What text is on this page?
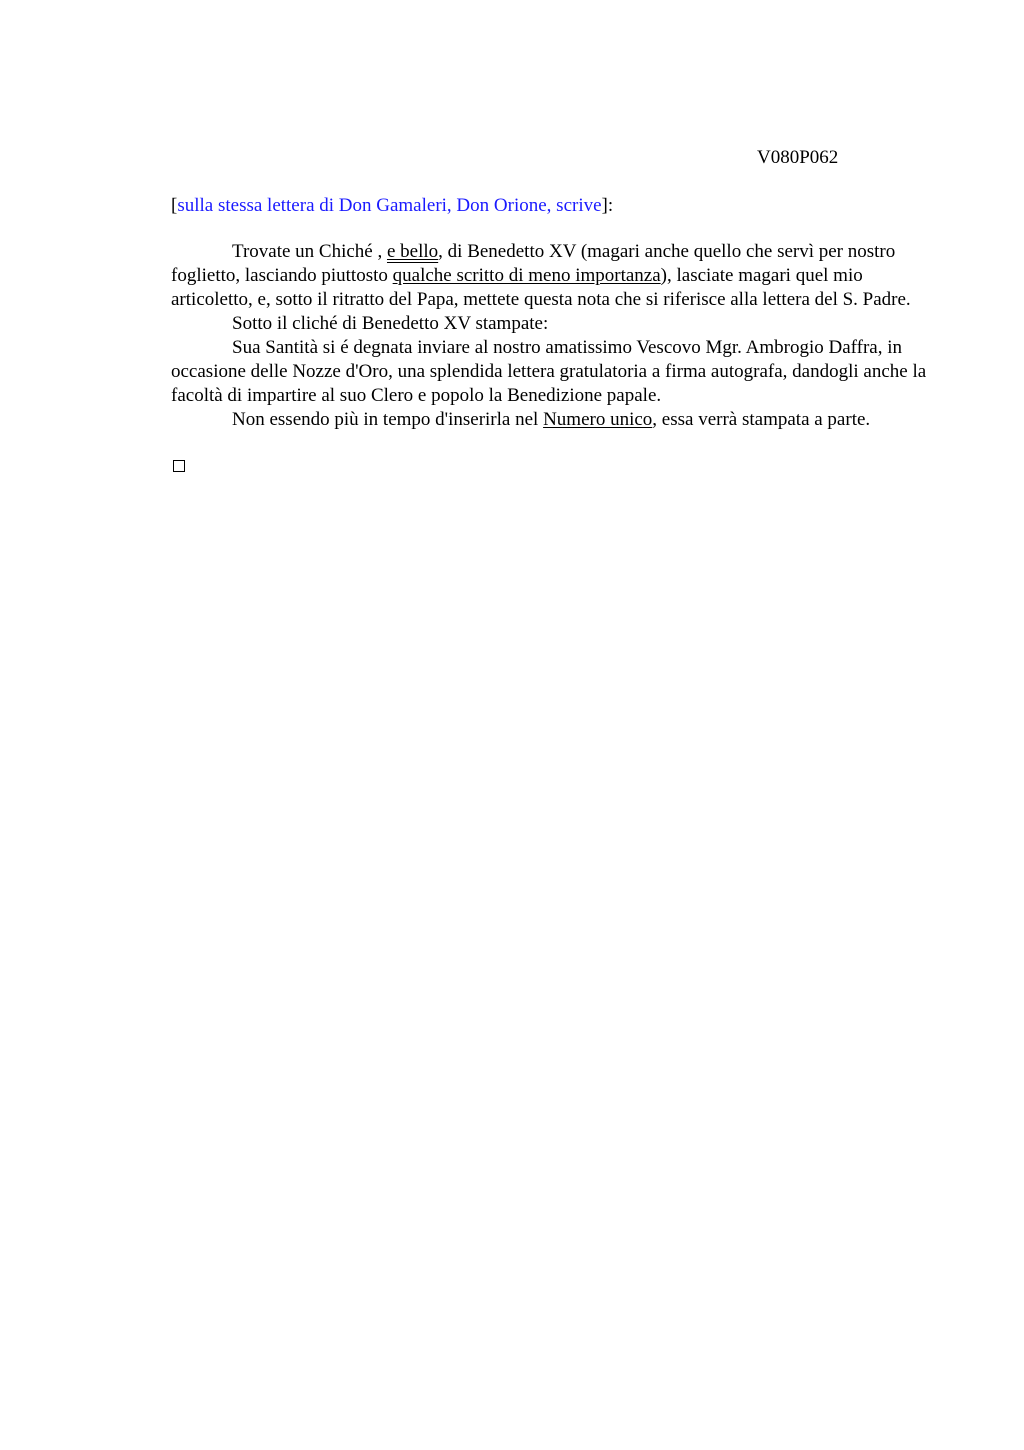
V080P062
[sulla stessa lettera di Don Gamaleri, Don Orione, scrive]:

Trovate un Chiché , e bello, di Benedetto XV (magari anche quello che servì per nostro foglietto, lasciando piuttosto qualche scritto di meno importanza), lasciate magari quel mio articoletto, e, sotto il ritratto del Papa, mettete questa nota che si riferisce alla lettera del S. Padre.

Sotto il cliché di Benedetto XV stampate:

Sua Santità si é degnata inviare al nostro amatissimo Vescovo Mgr. Ambrogio Daffra, in occasione delle Nozze d'Oro, una splendida lettera gratulatoria a firma autografa, dandogli anche la facoltà di impartire al suo Clero e popolo la Benedizione papale.

Non essendo più in tempo d'inserirla nel Numero unico, essa verrà stampata a parte.
